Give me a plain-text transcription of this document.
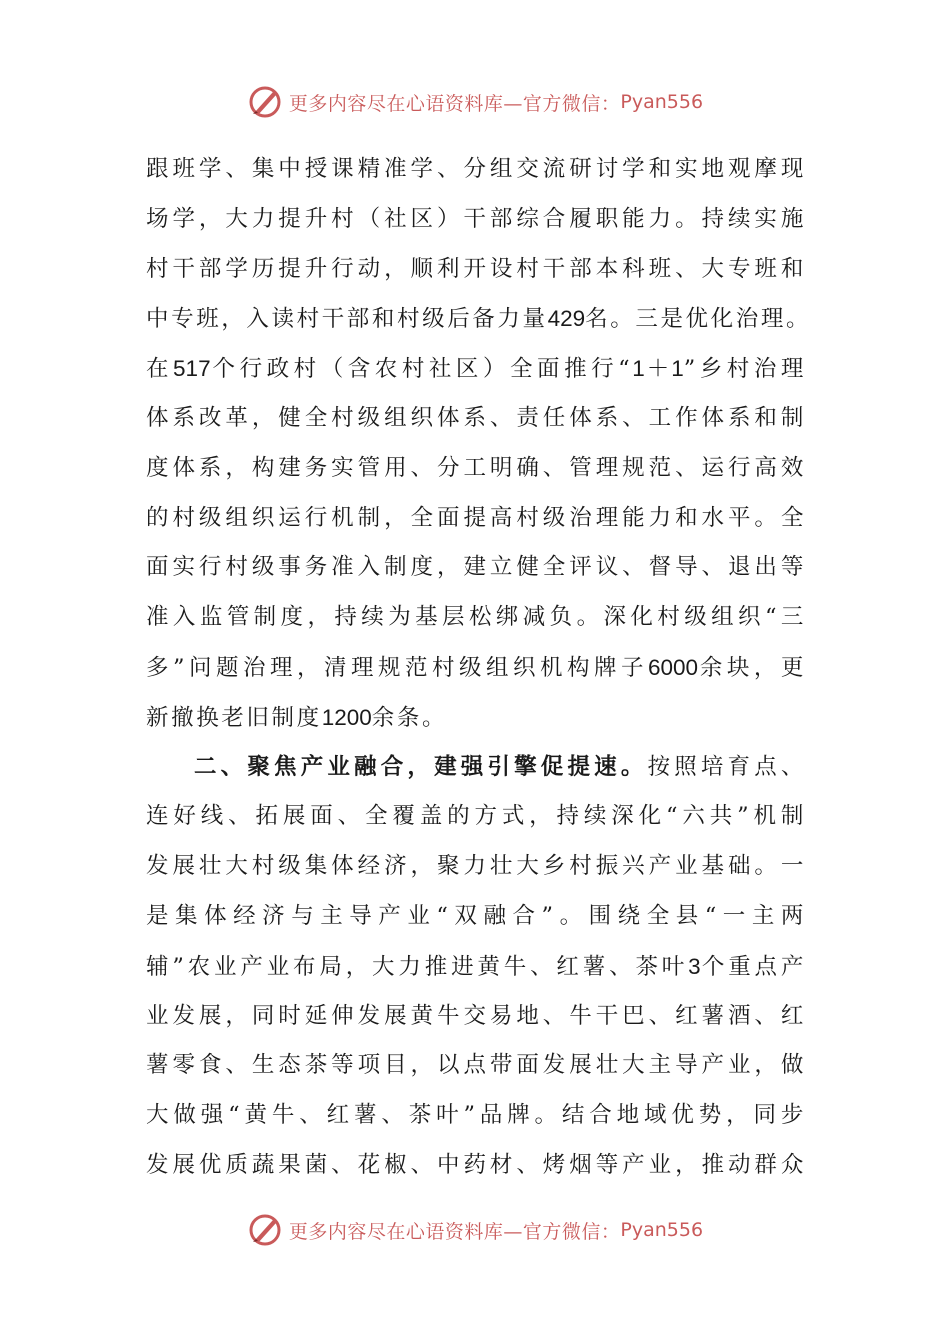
更多内容尽在心语资料库—官方微信： Pyan556
跟班学、集中授课精准学、分组交流研讨学和实地观摩现
场学，大力提升村（社区）干部综合履职能力。持续实施
村干部学历提升行动，顺利开设村干部本科班、大专班和
中专班，入读村干部和村级后备力量429名。三是优化治理。
在517个行政村（含农村社区）全面推行“1＋1”乡村治理
体系改革，健全村级组织体系、责任体系、工作体系和制
度体系，构建务实管用、分工明确、管理规范、运行高效
的村级组织运行机制，全面提高村级治理能力和水平。全
面实行村级事务准入制度，建立健全评议、督导、退出等
准入监管制度，持续为基层松绑减负。深化村级组织“三
多”问题治理，清理规范村级组织机构牌子6000余块，更
新撤换老旧制度1200余条。
二、聚焦产业融合，建强引擎促提速。按照培育点、
连好线、拓展面、全覆盖的方式，持续深化“六共”机制
发展壮大村级集体经济，聚力壮大乡村振兴产业基础。一
是集体经济与主导产业“双融合”。围绕全县“一主两
辅”农业产业布局，大力推进黄牛、红薯、茶叶3个重点产
业发展，同时延伸发展黄牛交易地、牛干巴、红薯酒、红
薯零食、生态茶等项目，以点带面发展壮大主导产业，做
大做强“黄牛、红薯、茶叶”品牌。结合地域优势，同步
发展优质蔬果菌、花椒、中药材、烤烟等产业，推动群众
更多内容尽在心语资料库—官方微信： Pyan556
